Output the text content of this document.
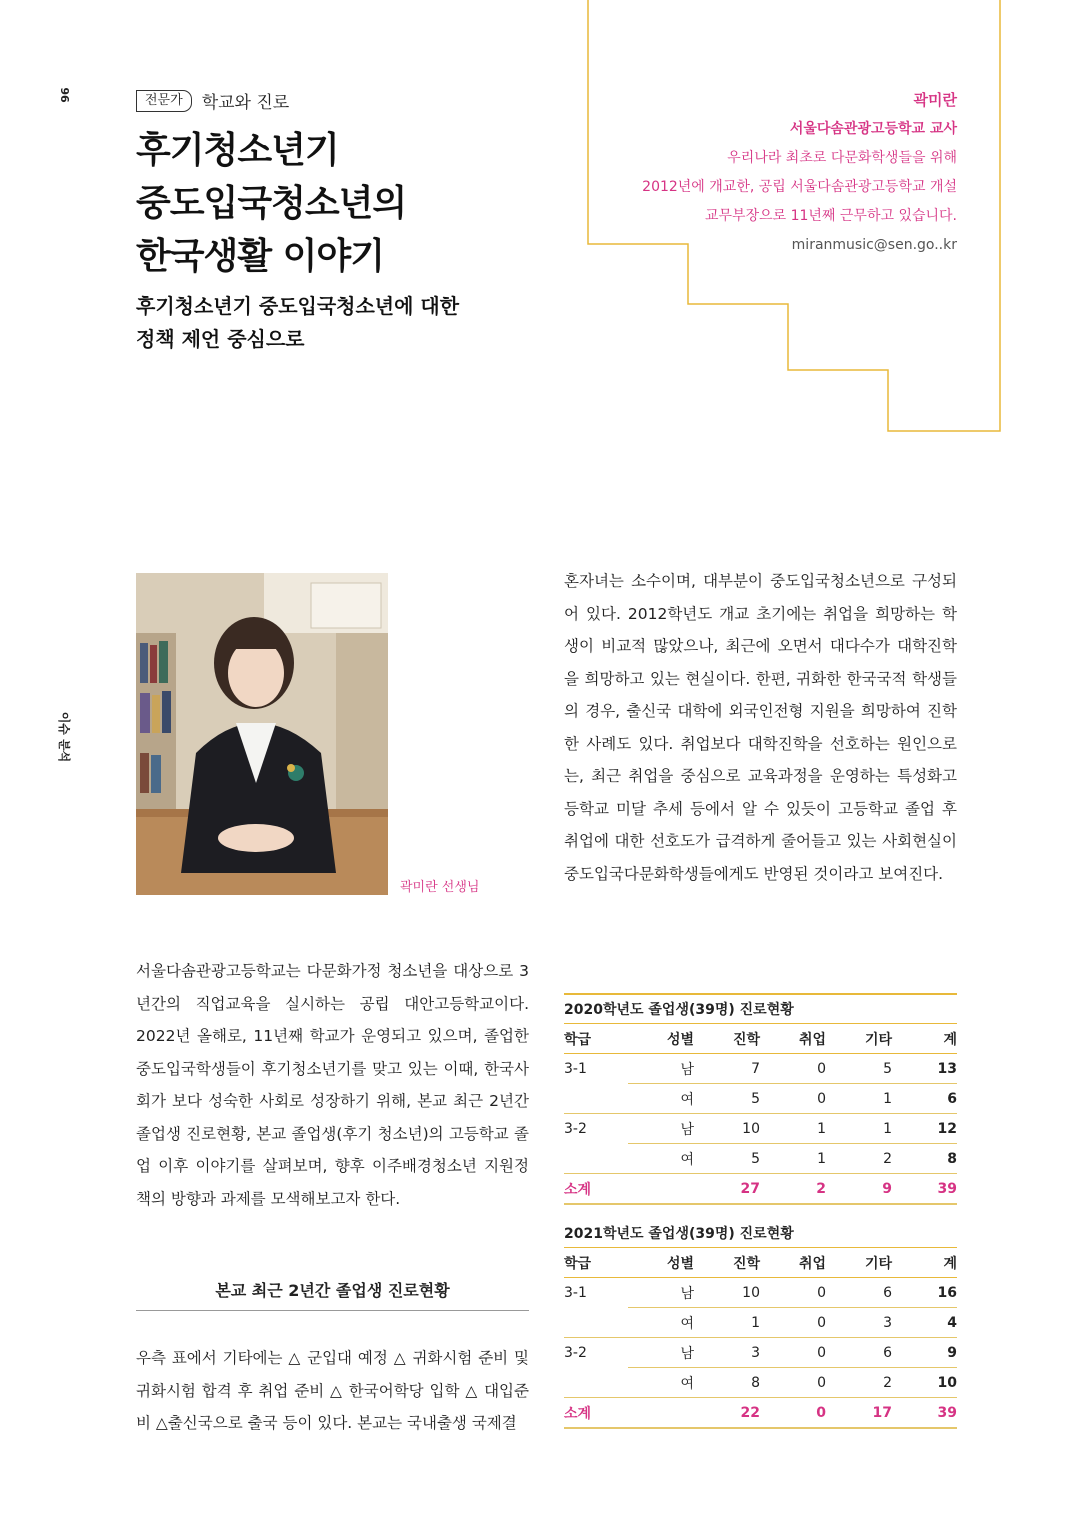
96
이슈 분석
전문가	학교와 진로
후기청소년기
중도입국청소년의
한국생활 이야기
후기청소년기 중도입국청소년에 대한
정책 제언 중심으로
곽미란
서울다솜관광고등학교 교사
우리나라 최초로 다문화학생들을 위해
2012년에 개교한, 공립 서울다솜관광고등학교 개설
교무부장으로 11년째 근무하고 있습니다.
miranmusic@sen.go..kr
곽미란 선생님
혼자녀는 소수이며, 대부분이 중도입국청소년으로 구성되어 있다. 2012학년도 개교 초기에는 취업을 희망하는 학생이 비교적 많았으나, 최근에 오면서 대다수가 대학진학을 희망하고 있는 현실이다. 한편, 귀화한 한국국적 학생들의 경우, 출신국 대학에 외국인전형 지원을 희망하여 진학한 사례도 있다. 취업보다 대학진학을 선호하는 원인으로는, 최근 취업을 중심으로 교육과정을 운영하는 특성화고등학교 미달 추세 등에서 알 수 있듯이 고등학교 졸업 후 취업에 대한 선호도가 급격하게 줄어들고 있는 사회현실이 중도입국다문화학생들에게도 반영된 것이라고 보여진다.
서울다솜관광고등학교는 다문화가정 청소년을 대상으로 3년간의 직업교육을 실시하는 공립 대안고등학교이다. 2022년 올해로, 11년째 학교가 운영되고 있으며, 졸업한 중도입국학생들이 후기청소년기를 맞고 있는 이때, 한국사회가 보다 성숙한 사회로 성장하기 위해, 본교 최근 2년간 졸업생 진로현황, 본교 졸업생(후기 청소년)의 고등학교 졸업 이후 이야기를 살펴보며, 향후 이주배경청소년 지원정책의 방향과 과제를 모색해보고자 한다.
본교 최근 2년간 졸업생 진로현황
우측 표에서 기타에는 △ 군입대 예정 △ 귀화시험 준비 및 귀화시험 합격 후 취업 준비 △ 한국어학당 입학 △ 대입준비 △출신국으로 출국 등이 있다. 본교는 국내출생 국제결
2020학년도 졸업생(39명) 진로현황
학급	성별	진학	취업	기타	계
3-1	남	7	0	5	13
	여	5	0	1	6
3-2	남	10	1	1	12
	여	5	1	2	8
소계		27	2	9	39
2021학년도 졸업생(39명) 진로현황
학급	성별	진학	취업	기타	계
3-1	남	10	0	6	16
	여	1	0	3	4
3-2	남	3	0	6	9
	여	8	0	2	10
소계		22	0	17	39
